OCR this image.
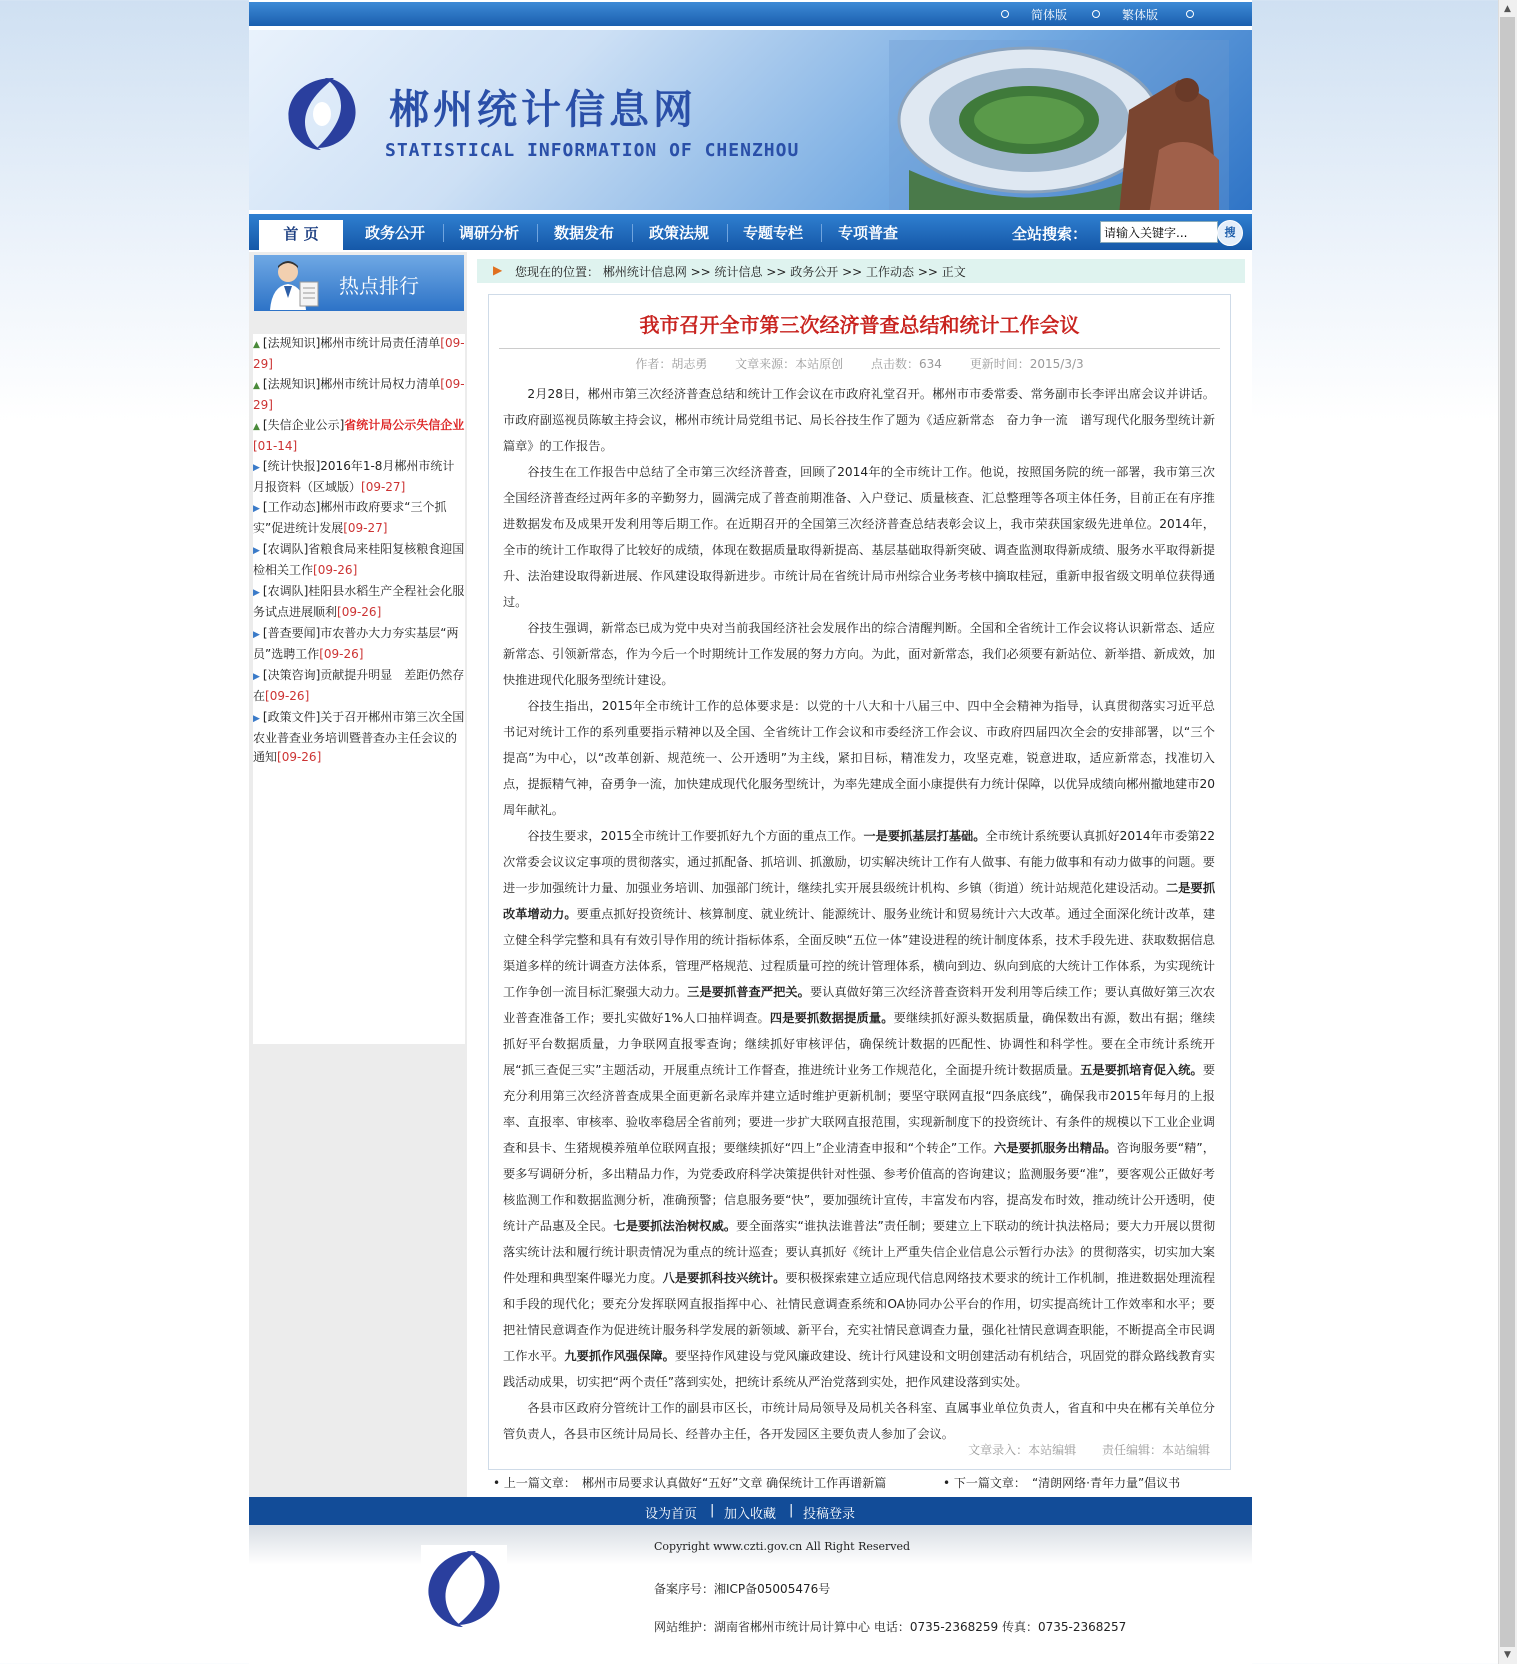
简体版	繁体版
郴州统计信息网
STATISTICAL INFORMATION OF CHENZHOU
首 页	政务公开 调研分析 数据发布 政策法规 专题专栏 专项普查	全站搜索：
请输入关键字...	搜
热点排行
▲ [法规知识]郴州市统计局责任清单[09-29]
▲ [法规知识]郴州市统计局权力清单[09-29]
▲ [失信企业公示]省统计局公示失信企业[01-14]
▶ [统计快报]2016年1-8月郴州市统计月报资料（区域版）[09-27]
▶ [工作动态]郴州市政府要求“三个抓实”促进统计发展[09-27]
▶ [农调队]省粮食局来桂阳复核粮食迎国检相关工作[09-26]
▶ [农调队]桂阳县水稻生产全程社会化服务试点进展顺利[09-26]
▶ [普查要闻]市农普办大力夯实基层“两员”选聘工作[09-26]
▶ [决策咨询]贡献提升明显　差距仍然存在[09-26]
▶ [政策文件]关于召开郴州市第三次全国农业普查业务培训暨普查办主任会议的通知[09-26]
▶ 您现在的位置： 郴州统计信息网 >> 统计信息 >> 政务公开 >> 工作动态 >> 正文
我市召开全市第三次经济普查总结和统计工作会议
作者：胡志勇 文章来源：本站原创 点击数：634 更新时间：2015/3/3

2月28日，郴州市第三次经济普查总结和统计工作会议在市政府礼堂召开。郴州市市委常委、常务副市长李评出席会议并讲话。市政府副巡视员陈敏主持会议，郴州市统计局党组书记、局长谷技生作了题为《适应新常态　奋力争一流　谱写现代化服务型统计新篇章》的工作报告。

谷技生在工作报告中总结了全市第三次经济普查，回顾了2014年的全市统计工作。他说，按照国务院的统一部署，我市第三次全国经济普查经过两年多的辛勤努力，圆满完成了普查前期准备、入户登记、质量核查、汇总整理等各项主体任务，目前正在有序推进数据发布及成果开发利用等后期工作。在近期召开的全国第三次经济普查总结表彰会议上，我市荣获国家级先进单位。2014年，全市的统计工作取得了比较好的成绩，体现在数据质量取得新提高、基层基础取得新突破、调查监测取得新成绩、服务水平取得新提升、法治建设取得新进展、作风建设取得新进步。市统计局在省统计局市州综合业务考核中摘取桂冠，重新申报省级文明单位获得通过。

谷技生强调，新常态已成为党中央对当前我国经济社会发展作出的综合清醒判断。全国和全省统计工作会议将认识新常态、适应新常态、引领新常态，作为今后一个时期统计工作发展的努力方向。为此，面对新常态，我们必须要有新站位、新举措、新成效，加快推进现代化服务型统计建设。

谷技生指出，2015年全市统计工作的总体要求是：以党的十八大和十八届三中、四中全会精神为指导，认真贯彻落实习近平总书记对统计工作的系列重要指示精神以及全国、全省统计工作会议和市委经济工作会议、市政府四届四次全会的安排部署，以“三个提高”为中心，以“改革创新、规范统一、公开透明”为主线，紧扣目标，精准发力，攻坚克难，锐意进取，适应新常态，找准切入点，提振精气神，奋勇争一流，加快建成现代化服务型统计，为率先建成全面小康提供有力统计保障，以优异成绩向郴州撤地建市20周年献礼。

谷技生要求，2015全市统计工作要抓好九个方面的重点工作。一是要抓基层打基础。全市统计系统要认真抓好2014年市委第22次常委会议议定事项的贯彻落实，通过抓配备、抓培训、抓激励，切实解决统计工作有人做事、有能力做事和有动力做事的问题。要进一步加强统计力量、加强业务培训、加强部门统计，继续扎实开展县级统计机构、乡镇（街道）统计站规范化建设活动。二是要抓改革增动力。要重点抓好投资统计、核算制度、就业统计、能源统计、服务业统计和贸易统计六大改革。通过全面深化统计改革，建立健全科学完整和具有有效引导作用的统计指标体系，全面反映“五位一体”建设进程的统计制度体系，技术手段先进、获取数据信息渠道多样的统计调查方法体系，管理严格规范、过程质量可控的统计管理体系，横向到边、纵向到底的大统计工作体系，为实现统计工作争创一流目标汇聚强大动力。三是要抓普查严把关。要认真做好第三次经济普查资料开发利用等后续工作；要认真做好第三次农业普查准备工作；要扎实做好1%人口抽样调查。四是要抓数据提质量。要继续抓好源头数据质量，确保数出有源，数出有据；继续抓好平台数据质量，力争联网直报零查询；继续抓好审核评估，确保统计数据的匹配性、协调性和科学性。要在全市统计系统开展“抓三查促三实”主题活动，开展重点统计工作督查，推进统计业务工作规范化，全面提升统计数据质量。五是要抓培育促入统。要充分利用第三次经济普查成果全面更新名录库并建立适时维护更新机制；要坚守联网直报“四条底线”，确保我市2015年每月的上报率、直报率、审核率、验收率稳居全省前列；要进一步扩大联网直报范围，实现新制度下的投资统计、有条件的规模以下工业企业调查和县卡、生猪规模养殖单位联网直报；要继续抓好“四上”企业清查申报和“个转企”工作。六是要抓服务出精品。咨询服务要“精”，要多写调研分析，多出精品力作，为党委政府科学决策提供针对性强、参考价值高的咨询建议；监测服务要“准”，要客观公正做好考核监测工作和数据监测分析，准确预警；信息服务要“快”，要加强统计宣传，丰富发布内容，提高发布时效，推动统计公开透明，使统计产品惠及全民。七是要抓法治树权威。要全面落实“谁执法谁普法”责任制；要建立上下联动的统计执法格局；要大力开展以贯彻落实统计法和履行统计职责情况为重点的统计巡查；要认真抓好《统计上严重失信企业信息公示暂行办法》的贯彻落实，切实加大案件处理和典型案件曝光力度。八是要抓科技兴统计。要积极探索建立适应现代信息网络技术要求的统计工作机制，推进数据处理流程和手段的现代化；要充分发挥联网直报指挥中心、社情民意调查系统和OA协同办公平台的作用，切实提高统计工作效率和水平；要把社情民意调查作为促进统计服务科学发展的新领域、新平台，充实社情民意调查力量，强化社情民意调查职能，不断提高全市民调工作水平。九要抓作风强保障。要坚持作风建设与党风廉政建设、统计行风建设和文明创建活动有机结合，巩固党的群众路线教育实践活动成果，切实把“两个责任”落到实处，把统计系统从严治党落到实处，把作风建设落到实处。

各县市区政府分管统计工作的副县市区长，市统计局局领导及局机关各科室、直属事业单位负责人，省直和中央在郴有关单位分管负责人，各县市区统计局局长、经普办主任，各开发园区主要负责人参加了会议。

文章录入：本站编辑 责任编辑：本站编辑
• 上一篇文章：　 郴州市局要求认真做好“五好”文章 确保统计工作再谱新篇	• 下一篇文章：　 “清朗网络·青年力量”倡议书
设为首页 | 加入收藏 | 投稿登录
Copyright www.czti.gov.cn All Right Reserved
备案序号：湘ICP备05005476号
网站维护：湖南省郴州市统计局计算中心 电话：0735-2368259 传真：0735-2368257
▲
▼
